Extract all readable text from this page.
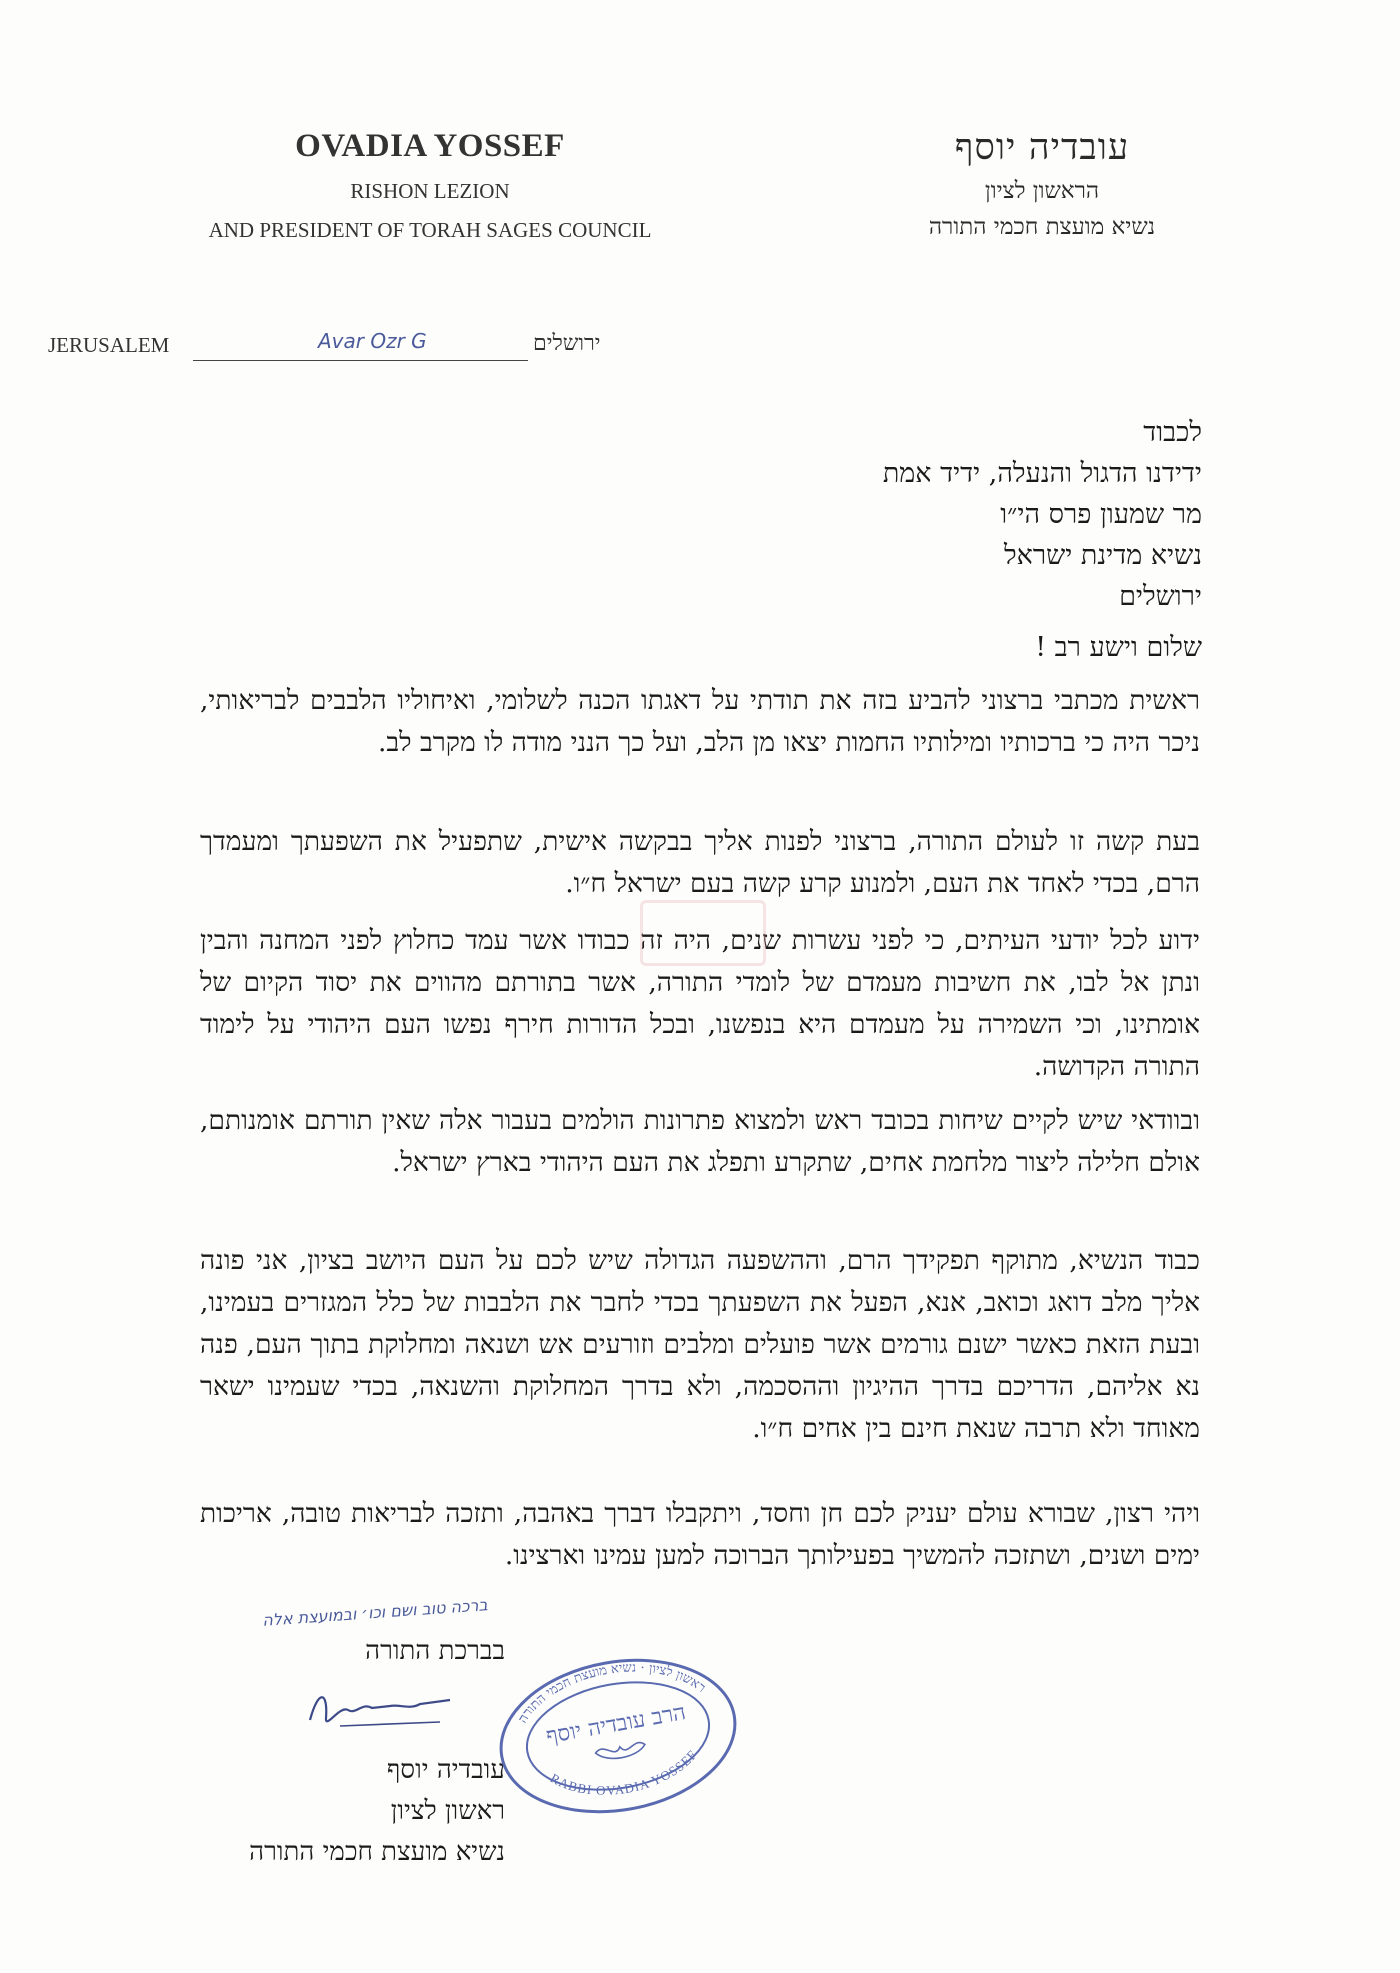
OVADIA YOSSEF
RISHON LEZION
AND PRESIDENT OF TORAH SAGES COUNCIL
עובדיה יוסף
הראשון לציון
נשיא מועצת חכמי התורה
JERUSALEM	Avar Ozr G	ירושלים
לכבוד
ידידנו הדגול והנעלה, ידיד אמת
מר שמעון פרס הי״ו
נשיא מדינת ישראל
ירושלים
שלום וישע רב !
ראשית מכתבי ברצוני להביע בזה את תודתי על דאגתו הכנה לשלומי, ואיחוליו הלבבים לבריאותי, ניכר היה כי ברכותיו ומילותיו החמות יצאו מן הלב, ועל כך הנני מודה לו מקרב לב.
בעת קשה זו לעולם התורה, ברצוני לפנות אליך בבקשה אישית, שתפעיל את השפעתך ומעמדך הרם, בכדי לאחד את העם, ולמנוע קרע קשה בעם ישראל ח״ו.
ידוע לכל יודעי העיתים, כי לפני עשרות שנים, היה זה כבודו אשר עמד כחלוץ לפני המחנה והבין ונתן אל לבו, את חשיבות מעמדם של לומדי התורה, אשר בתורתם מהווים את יסוד הקיום של אומתינו, וכי השמירה על מעמדם היא בנפשנו, ובכל הדורות חירף נפשו העם היהודי על לימוד התורה הקדושה.
ובוודאי שיש לקיים שיחות בכובד ראש ולמצוא פתרונות הולמים בעבור אלה שאין תורתם אומנותם, אולם חלילה ליצור מלחמת אחים, שתקרע ותפלג את העם היהודי בארץ ישראל.
כבוד הנשיא, מתוקף תפקידך הרם, וההשפעה הגדולה שיש לכם על העם היושב בציון, אני פונה אליך מלב דואג וכואב, אנא, הפעל את השפעתך בכדי לחבר את הלבבות של כלל המגזרים בעמינו, ובעת הזאת כאשר ישנם גורמים אשר פועלים ומלבים וזורעים אש ושנאה ומחלוקת בתוך העם, פנה נא אליהם, הדריכם בדרך ההיגיון וההסכמה, ולא בדרך המחלוקת והשנאה, בכדי שעמינו ישאר מאוחד ולא תרבה שנאת חינם בין אחים ח״ו.
ויהי רצון, שבורא עולם יעניק לכם חן וחסד, ויתקבלו דברך באהבה, ותזכה לבריאות טובה, אריכות ימים ושנים, ושתזכה להמשיך בפעילותך הברוכה למען עמינו וארצינו.
ברכה טוב ושם וכו׳ ובמועצת אלה
בברכת התורה
עובדיה יוסף
ראשון לציון
נשיא מועצת חכמי התורה
ראשון לציון · נשיא מועצת חכמי התורה
RABBI OVADIA YOSSEF
הרב עובדיה יוסף
